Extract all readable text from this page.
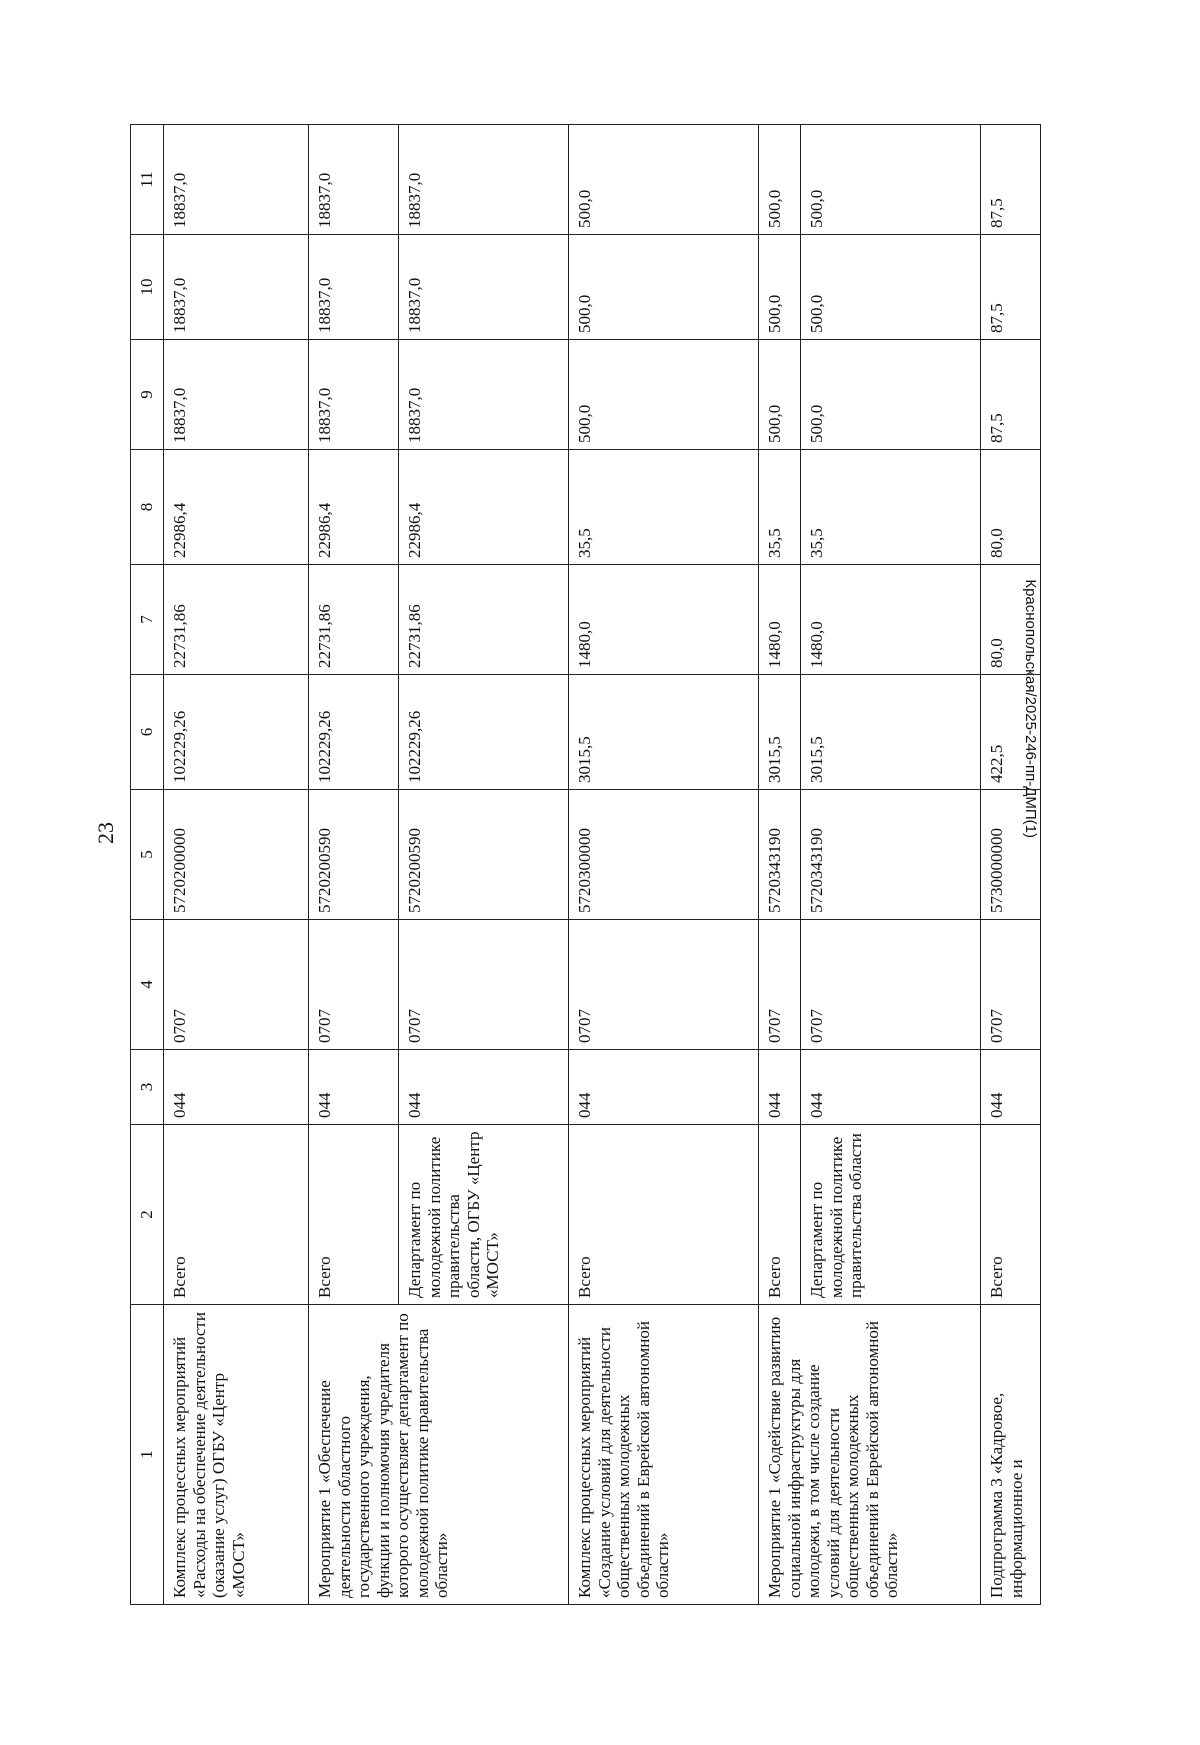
23	Краснопольская/2025-246-пп-ДМП(1)
1	2	3	4	5	6	7	8	9	10	11
Комплекс процессных мероприятий «Расходы на обеспечение деятельности (оказание услуг) ОГБУ «Центр «МОСТ»	Всего	044	0707	5720200000	102229,26	22731,86	22986,4	18837,0	18837,0	18837,0
Мероприятие 1 «Обеспечение деятельности областного государственного учреждения, функции и полномочия учредителя которого осуществляет департамент по молодежной политике правительства области»	Всего	044	0707	5720200590	102229,26	22731,86	22986,4	18837,0	18837,0	18837,0
	Департамент по молодежной политике правительства области, ОГБУ «Центр «МОСТ»	044	0707	5720200590	102229,26	22731,86	22986,4	18837,0	18837,0	18837,0
Комплекс процессных мероприятий «Создание условий для деятельности общественных молодежных объединений в Еврейской автономной области»	Всего	044	0707	5720300000	3015,5	1480,0	35,5	500,0	500,0	500,0
Мероприятие 1 «Содействие развитию социальной инфраструктуры для молодежи, в том числе создание условий для деятельности общественных молодежных объединений в Еврейской автономной области»	Всего	044	0707	5720343190	3015,5	1480,0	35,5	500,0	500,0	500,0
	Департамент по молодежной политике правительства области	044	0707	5720343190	3015,5	1480,0	35,5	500,0	500,0	500,0
Подпрограмма 3 «Кадровое, информационное и	Всего	044	0707	5730000000	422,5	80,0	80,0	87,5	87,5	87,5
